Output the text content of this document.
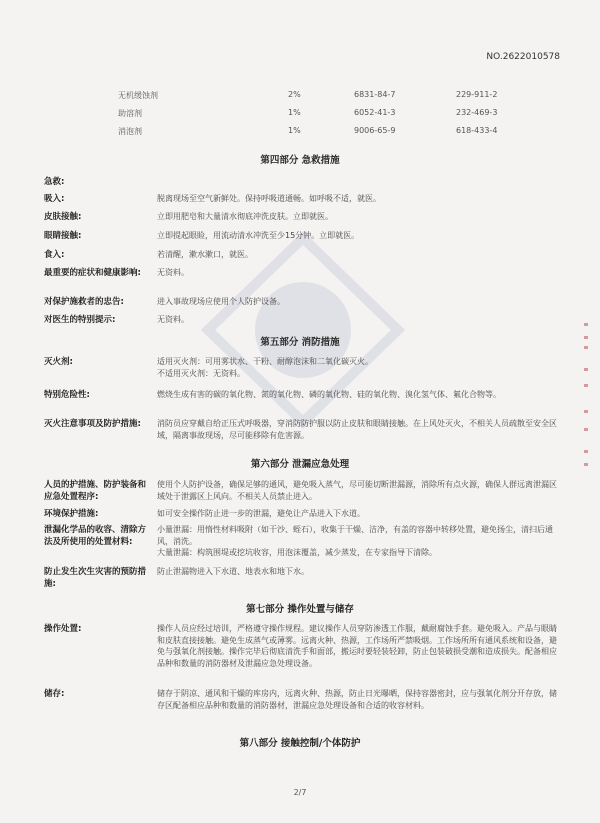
NO.2622010578
无机缓蚀剂	2%	6831-84-7	229-911-2
助溶剂	1%	6052-41-3	232-469-3
消泡剂	1%	9006-65-9	618-433-4
第四部分 急救措施
急救:
吸入:	脱离现场至空气新鲜处。保持呼吸道通畅。如呼吸不适，就医。
皮肤接触:	立即用肥皂和大量清水彻底冲洗皮肤。立即就医。
眼睛接触:	立即提起眼睑，用流动清水冲洗至少15分钟。立即就医。
食入:	若清醒，漱水漱口，就医。
最重要的症状和健康影响:	无资料。
对保护施救者的忠告:	进入事故现场应使用个人防护设备。
对医生的特别提示:	无资料。
第五部分 消防措施
灭火剂:	适用灭火剂：可用雾状水、干粉、耐醇泡沫和二氧化碳灭火。
不适用灭火剂：无资料。
特别危险性:	燃烧生成有害的碳的氧化物、氮的氧化物、磷的氧化物、硅的氧化物、溴化氢气体、氟化合物等。
灭火注意事项及防护措施:	消防员应穿戴自给正压式呼吸器，穿消防防护服以防止皮肤和眼睛接触。在上风处灭火，不相关人员疏散至安全区域，隔离事故现场，尽可能移除有危害源。
第六部分 泄漏应急处理
人员的护措施、防护装备和应急处置程序:
使用个人防护设备，确保足够的通风，避免吸入蒸气，尽可能切断泄漏源，消除所有点火源，确保人群远离泄漏区域处于泄露区上风向。不相关人员禁止进入。
环境保护措施:	如可安全操作防止进一步的泄漏，避免让产品进入下水道。
泄漏化学品的收容、清除方法及所使用的处置材料:
小量泄漏：用惰性材料吸附（如干沙、蛭石），收集于干燥、洁净，有盖的容器中转移处置，避免扬尘，清扫后通风，消洗。
大量泄漏：构筑围堤或挖坑收容，用泡沫覆盖，减少蒸发，在专家指导下清除。
防止发生次生灾害的预防措施:
防止泄漏物进入下水道、地表水和地下水。
第七部分 操作处置与储存
操作处置:	操作人员应经过培训，严格遵守操作规程。建议操作人员穿防渗透工作服，戴耐腐蚀手套。避免吸入。产品与眼睛和皮肤直接接触。避免生成蒸气或薄雾。远离火种、热源，工作场所严禁吸烟。工作场所所有通风系统和设备，避免与强氧化剂接触。操作完毕后彻底清洗手和面部，搬运时要轻装轻卸，防止包装破损受潮和造成损失。配备相应品种和数量的消防器材及泄漏应急处理设备。
储存:	储存于阴凉、通风和干燥的库房内，远离火种、热源，防止日光曝晒，保持容器密封，应与强氧化剂分开存放，储存区配备相应品种和数量的消防器材，泄漏应急处理设备和合适的收容材料。
第八部分 接触控制/个体防护
2/7
